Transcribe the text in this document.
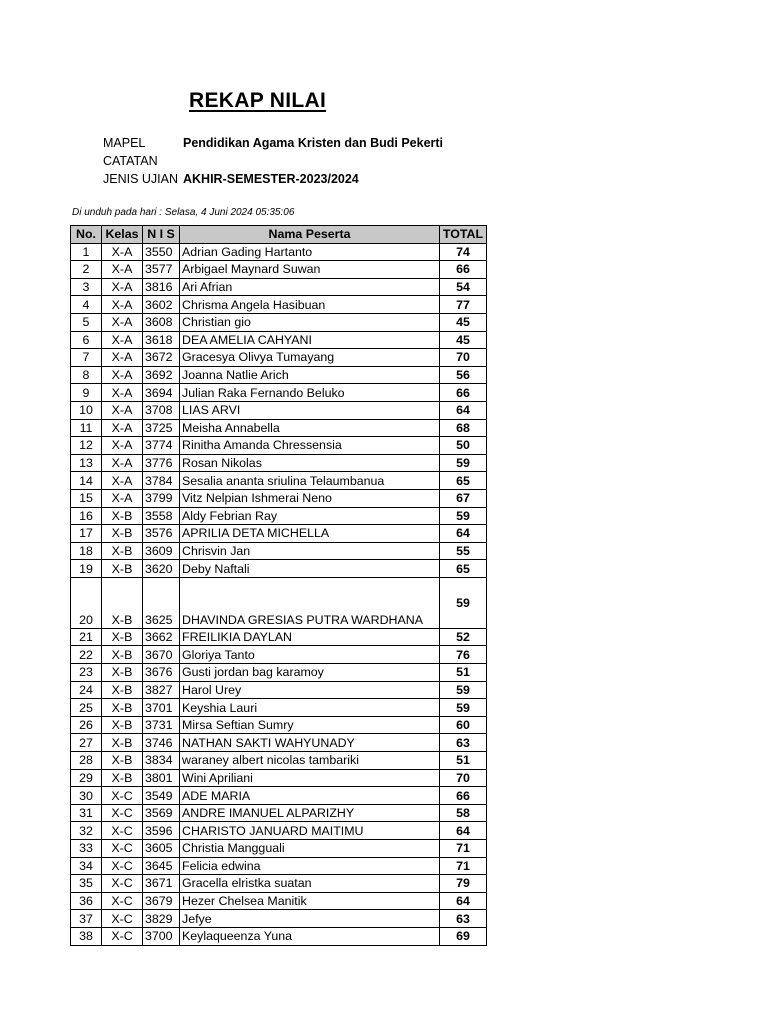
REKAP NILAI
MAPEL	Pendidikan Agama Kristen dan Budi Pekerti
CATATAN
JENIS UJIAN AKHIR-SEMESTER-2023/2024
Di unduh pada hari : Selasa, 4 Juni 2024 05:35:06
No.	Kelas	N I S	Nama Peserta	TOTAL
1	X-A	3550	Adrian Gading Hartanto	74
2	X-A	3577	Arbigael Maynard Suwan	66
3	X-A	3816	Ari Afrian	54
4	X-A	3602	Chrisma Angela Hasibuan	77
5	X-A	3608	Christian gio	45
6	X-A	3618	DEA AMELIA CAHYANI	45
7	X-A	3672	Gracesya Olivya Tumayang	70
8	X-A	3692	Joanna Natlie Arich	56
9	X-A	3694	Julian Raka Fernando Beluko	66
10	X-A	3708	LIAS ARVI	64
11	X-A	3725	Meisha Annabella	68
12	X-A	3774	Rinitha Amanda Chressensia	50
13	X-A	3776	Rosan Nikolas	59
14	X-A	3784	Sesalia ananta sriulina Telaumbanua	65
15	X-A	3799	Vitz Nelpian Ishmerai Neno	67
16	X-B	3558	Aldy Febrian Ray	59
17	X-B	3576	APRILIA DETA MICHELLA	64
18	X-B	3609	Chrisvin Jan	55
19	X-B	3620	Deby Naftali	65
20	X-B	3625	DHAVINDA GRESIAS PUTRA WARDHANA	59
21	X-B	3662	FREILIKIA DAYLAN	52
22	X-B	3670	Gloriya Tanto	76
23	X-B	3676	Gusti jordan bag karamoy	51
24	X-B	3827	Harol Urey	59
25	X-B	3701	Keyshia Lauri	59
26	X-B	3731	Mirsa Seftian Sumry	60
27	X-B	3746	NATHAN SAKTI WAHYUNADY	63
28	X-B	3834	waraney albert nicolas tambariki	51
29	X-B	3801	Wini Apriliani	70
30	X-C	3549	ADE MARIA	66
31	X-C	3569	ANDRE IMANUEL ALPARIZHY	58
32	X-C	3596	CHARISTO JANUARD MAITIMU	64
33	X-C	3605	Christia Mangguali	71
34	X-C	3645	Felicia edwina	71
35	X-C	3671	Gracella elristka suatan	79
36	X-C	3679	Hezer Chelsea Manitik	64
37	X-C	3829	Jefye	63
38	X-C	3700	Keylaqueenza Yuna	69
